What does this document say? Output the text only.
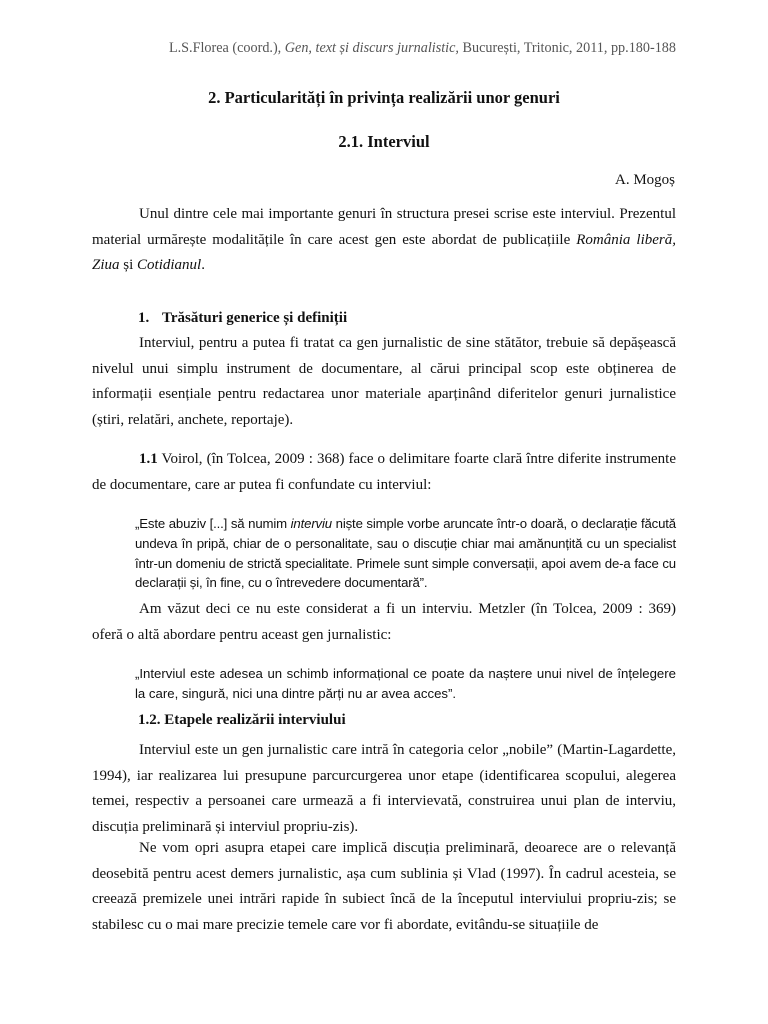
L.S.Florea (coord.), Gen, text și discurs jurnalistic, București, Tritonic, 2011, pp.180-188
2. Particularități în privința realizării unor genuri
2.1. Interviul
A. Mogoș

Unul dintre cele mai importante genuri în structura presei scrise este interviul. Prezentul material urmărește modalitățile în care acest gen este abordat de publicațiile România liberă, Ziua și Cotidianul.

1. Trăsături generice și definiții

Interviul, pentru a putea fi tratat ca gen jurnalistic de sine stătător, trebuie să depășească nivelul unui simplu instrument de documentare, al cărui principal scop este obținerea de informații esențiale pentru redactarea unor materiale aparținând diferitelor genuri jurnalistice (știri, relatări, anchete, reportaje).

1.1 Voirol, (în Tolcea, 2009 : 368) face o delimitare foarte clară între diferite instrumente de documentare, care ar putea fi confundate cu interviul:

„Este abuziv [...] să numim interviu niște simple vorbe aruncate într-o doară, o declarație făcută undeva în pripă, chiar de o personalitate, sau o discuție chiar mai amănunțită cu un specialist într-un domeniu de strictă specialitate. Primele sunt simple conversații, apoi avem de-a face cu declarații și, în fine, cu o întrevedere documentară”.

Am văzut deci ce nu este considerat a fi un interviu. Metzler (în Tolcea, 2009 : 369) oferă o altă abordare pentru aceast gen jurnalistic:

„Interviul este adesea un schimb informațional ce poate da naștere unui nivel de înțelegere la care, singură, nici una dintre părți nu ar avea acces”.

1.2. Etapele realizării interviului

Interviul este un gen jurnalistic care intră în categoria celor „nobile” (Martin-Lagardette, 1994), iar realizarea lui presupune parcurcurgerea unor etape (identificarea scopului, alegerea temei, respectiv a persoanei care urmează a fi intervievată, construirea unui plan de interviu, discuția preliminară și interviul propriu-zis).

Ne vom opri asupra etapei care implică discuția preliminară, deoarece are o relevanță deosebită pentru acest demers jurnalistic, așa cum sublinia și Vlad (1997). În cadrul acesteia, se creează premizele unei intrări rapide în subiect încă de la începutul interviului propriu-zis; se stabilesc cu o mai mare precizie temele care vor fi abordate, evitându-se situațiile de
